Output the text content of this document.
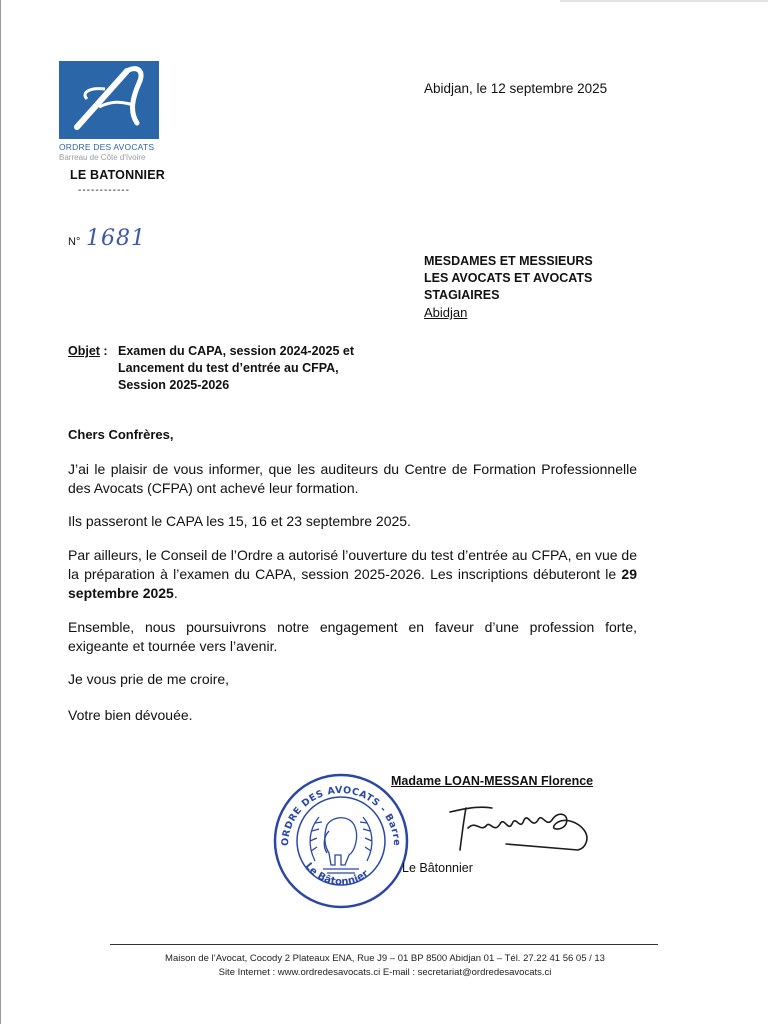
ORDRE DES AVOCATS
Barreau de Côte d'Ivoire
LE BATONNIER
------------
N° 1681
Abidjan, le 12 septembre 2025
MESDAMES ET MESSIEURS
LES AVOCATS ET AVOCATS
STAGIAIRES
Abidjan
Objet : Examen du CAPA, session 2024-2025 et
Lancement du test d’entrée au CFPA,
Session 2025-2026
Chers Confrères,
J’ai le plaisir de vous informer, que les auditeurs du Centre de Formation Professionnelle des Avocats (CFPA) ont achevé leur formation.
Ils passeront le CAPA les 15, 16 et 23 septembre 2025.
Par ailleurs, le Conseil de l’Ordre a autorisé l’ouverture du test d’entrée au CFPA, en vue de la préparation à l’examen du CAPA, session 2025-2026. Les inscriptions débuteront le 29 septembre 2025.
Ensemble, nous poursuivrons notre engagement en faveur d’une profession forte, exigeante et tournée vers l’avenir.
Je vous prie de me croire,
Votre bien dévouée.
ORDRE DES AVOCATS - Barre
Le Bâtonnier
Madame LOAN-MESSAN Florence
Le Bâtonnier
Maison de l’Avocat, Cocody 2 Plateaux ENA, Rue J9 – 01 BP 8500 Abidjan 01 – Tél. 27.22 41 56 05 / 13
Site Internet : www.ordredesavocats.ci E-mail : secretariat@ordredesavocats.ci
